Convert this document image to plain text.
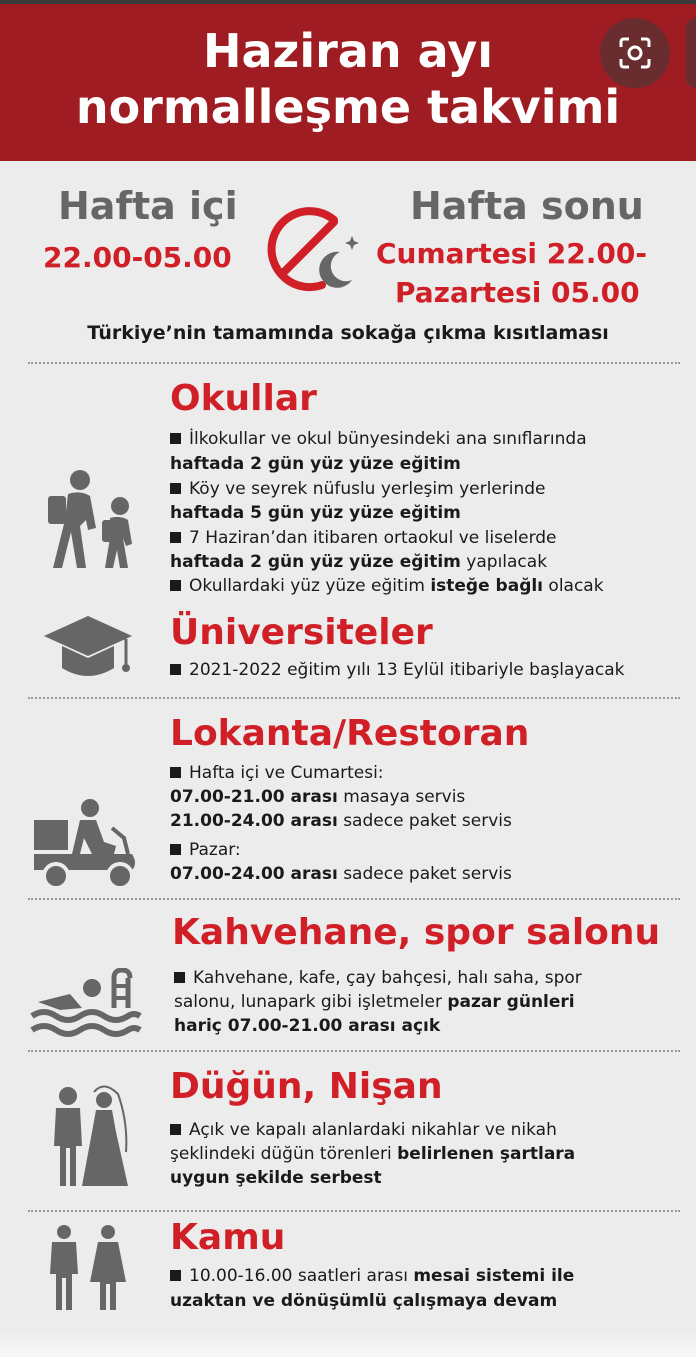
Haziran ayı
normalleşme takvimi
Hafta içi
22.00-05.00
Hafta sonu
Cumartesi 22.00-
Pazartesi 05.00
Türkiye’nin tamamında sokağa çıkma kısıtlaması
Okullar
İlkokullar ve okul bünyesindeki ana sınıflarında
haftada 2 gün yüz yüze eğitim
Köy ve seyrek nüfuslu yerleşim yerlerinde
haftada 5 gün yüz yüze eğitim
7 Haziran’dan itibaren ortaokul ve liselerde
haftada 2 gün yüz yüze eğitim yapılacak
Okullardaki yüz yüze eğitim isteğe bağlı olacak
Üniversiteler
2021-2022 eğitim yılı 13 Eylül itibariyle başlayacak
Lokanta/Restoran
Hafta içi ve Cumartesi:
07.00-21.00 arası masaya servis
21.00-24.00 arası sadece paket servis
Pazar:
07.00-24.00 arası sadece paket servis
Kahvehane, spor salonu
Kahvehane, kafe, çay bahçesi, halı saha, spor
salonu, lunapark gibi işletmeler pazar günleri
hariç 07.00-21.00 arası açık
Düğün, Nişan
Açık ve kapalı alanlardaki nikahlar ve nikah
şeklindeki düğün törenleri belirlenen şartlara
uygun şekilde serbest
Kamu
10.00-16.00 saatleri arası mesai sistemi ile
uzaktan ve dönüşümlü çalışmaya devam
